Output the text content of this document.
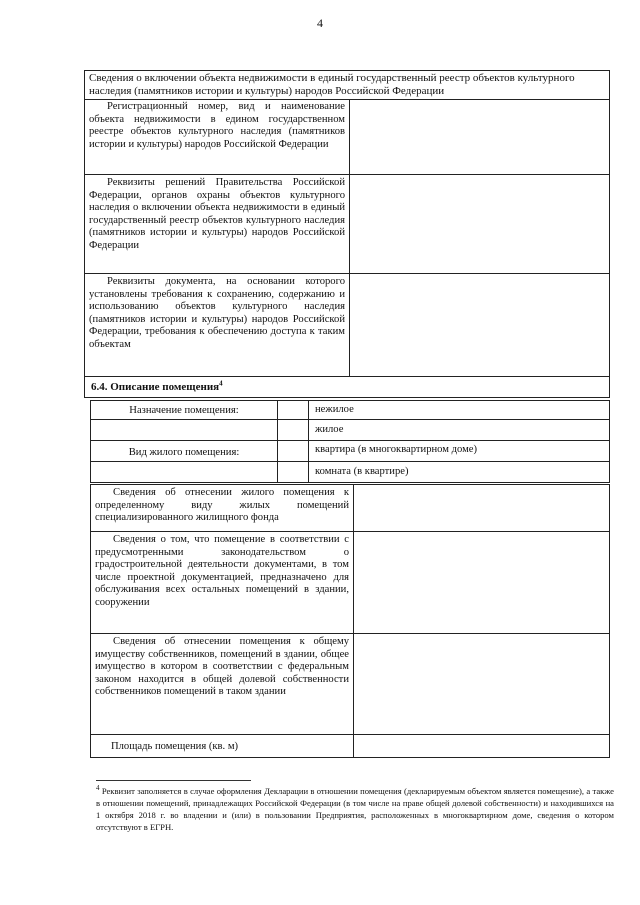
4
Сведения о включении объекта недвижимости в единый государственный реестр объектов культурного наследия (памятников истории и культуры) народов Российской Федерации
Регистрационный номер, вид и наименование объекта недвижимости в едином государственном реестре объектов культурного наследия (памятников истории и культуры) народов Российской Федерации
Реквизиты решений Правительства Российской Федерации, органов охраны объектов культурного наследия о включении объекта недвижимости в единый государственный реестр объектов культурного наследия (памятников истории и культуры) народов Российской Федерации
Реквизиты документа, на основании которого установлены требования к сохранению, содержанию и использованию объектов культурного наследия (памятников истории и культуры) народов Российской Федерации, требования к обеспечению доступа к таким объектам
6.4. Описание помещения$^4$
Назначение помещения:	нежилое
жилое
Вид жилого помещения:	квартира (в многоквартирном доме)
комната (в квартире)
Сведения об отнесении жилого помещения к определенному виду жилых помещений специализированного жилищного фонда
Сведения о том, что помещение в соответствии с предусмотренными законодательством о градостроительной деятельности документами, в том числе проектной документацией, предназначено для обслуживания всех остальных помещений в здании, сооружении
Сведения об отнесении помещения к общему имуществу собственников, помещений в здании, общее имущество в котором в соответствии с федеральным законом находится в общей долевой собственности собственников помещений в таком здании
Площадь помещения (кв. м)
$^4$ Реквизит заполняется в случае оформления Декларации в отношении помещения (декларируемым объектом является помещение), а также в отношении помещений, принадлежащих Российской Федерации (в том числе на праве общей долевой собственности) и находившихся на 1 октября 2018 г. во владении и (или) в пользовании Предприятия, расположенных в многоквартирном доме, сведения о котором отсутствуют в ЕГРН.
